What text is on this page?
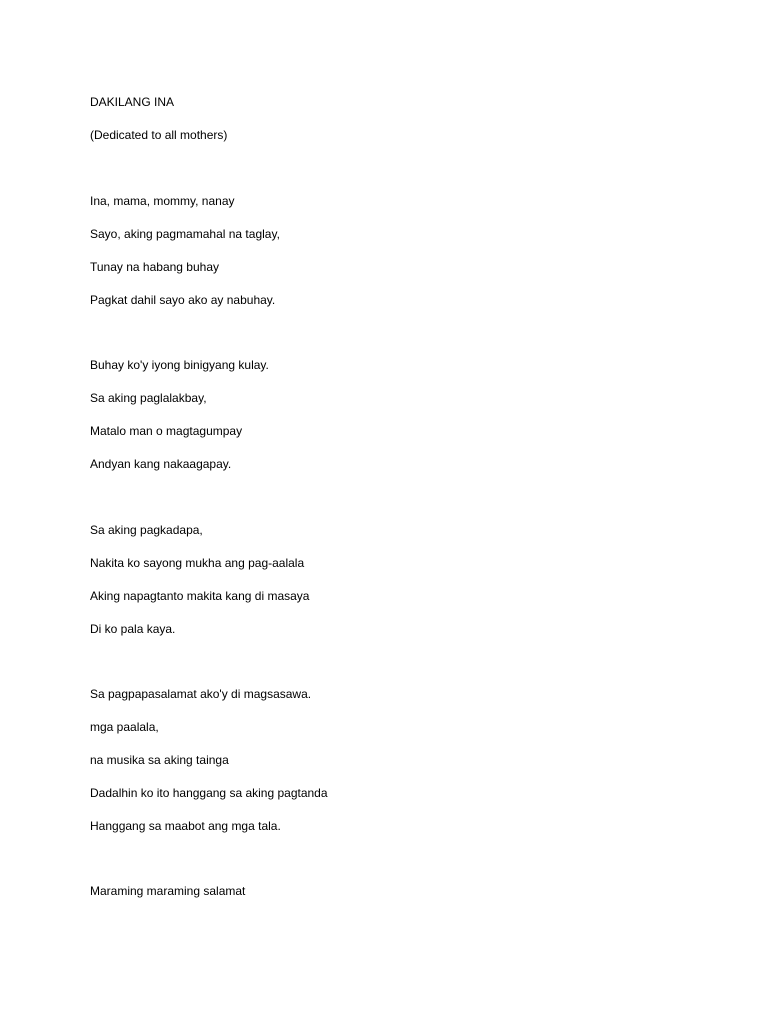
DAKILANG INA

(Dedicated to all mothers)

Ina, mama, mommy, nanay

Sayo, aking pagmamahal na taglay,

Tunay na habang buhay

Pagkat dahil sayo ako ay nabuhay.

Buhay ko'y iyong binigyang kulay.

Sa aking paglalakbay,

Matalo man o magtagumpay

Andyan kang nakaagapay.

Sa aking pagkadapa,

Nakita ko sayong mukha ang pag-aalala

Aking napagtanto makita kang di masaya

Di ko pala kaya.

Sa pagpapasalamat ako'y di magsasawa.

mga paalala,

na musika sa aking tainga

Dadalhin ko ito hanggang sa aking pagtanda

Hanggang sa maabot ang mga tala.

Maraming maraming salamat
